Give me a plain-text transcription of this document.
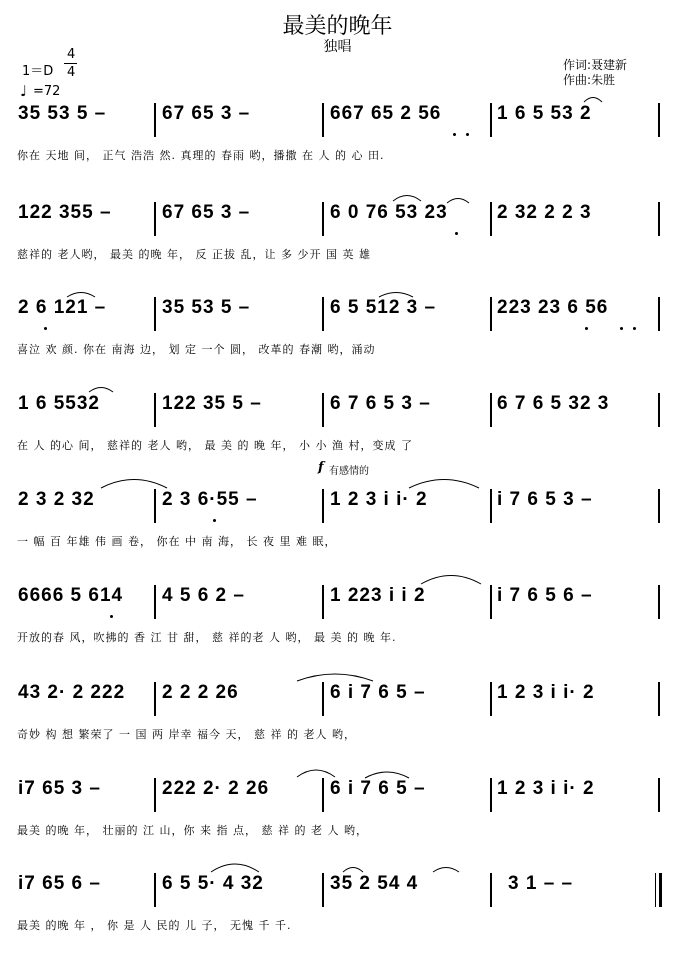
最美的晚年
独唱
1＝D
4
4
♩ =72
作词:聂建新
作曲:朱胜
f 有感情的
35 53 5 –	67 65 3 –	667 65 2 56	1 6 5 53 2
你在 天地 间， 正气 浩浩 然. 真理的 春雨 哟，播撒 在 人 的 心 田.
122 355 –	67 65 3 –	6 0 76 53 23	2 32 2 2 3
慈祥的 老人哟， 最美 的晚 年， 反 正拔 乱，让 多 少开 国 英 雄
2 6 121 –	35 53 5 –	6 5 512 3 –	223 23 6 56
喜泣 欢 颜. 你在 南海 边， 划 定 一个 圆， 改革的 春潮 哟，涌动
1 6 5532	122 35 5 –	6 7 6 5 3 –	6 7 6 5 32 3
在 人 的心 间， 慈祥的 老人 哟， 最 美 的 晚 年， 小 小 渔 村，变成 了
2 3 2 32	2 3 6·55 –	1 2 3 i i· 2	i 7 6 5 3 –
一 幅 百 年雄 伟 画 卷， 你在 中 南 海， 长 夜 里 难 眠，
6666 5 614 4 5 6 2 –	1 223 i i 2	i 7 6 5 6 –
开放的春 风，吹拂的 香 江 甘 甜， 慈 祥的老 人 哟， 最 美 的 晚 年.
43 2· 2 222 2 2 2 26	6 i 7 6 5 –	1 2 3 i i· 2
奇妙 构 想 繁荣了 一 国 两 岸幸 福今 天， 慈 祥 的 老人 哟，
i7 65 3 –	222 2· 2 26	6 i 7 6 5 –	1 2 3 i i· 2
最美 的晚 年， 壮丽的 江 山，你 来 指 点， 慈 祥 的 老 人 哟，
i7 65 6 –	6 5 5· 4 32	35 2 54 4	3 1 – –
最美 的晚 年 ， 你 是 人 民的 儿 子， 无愧 千 千.
